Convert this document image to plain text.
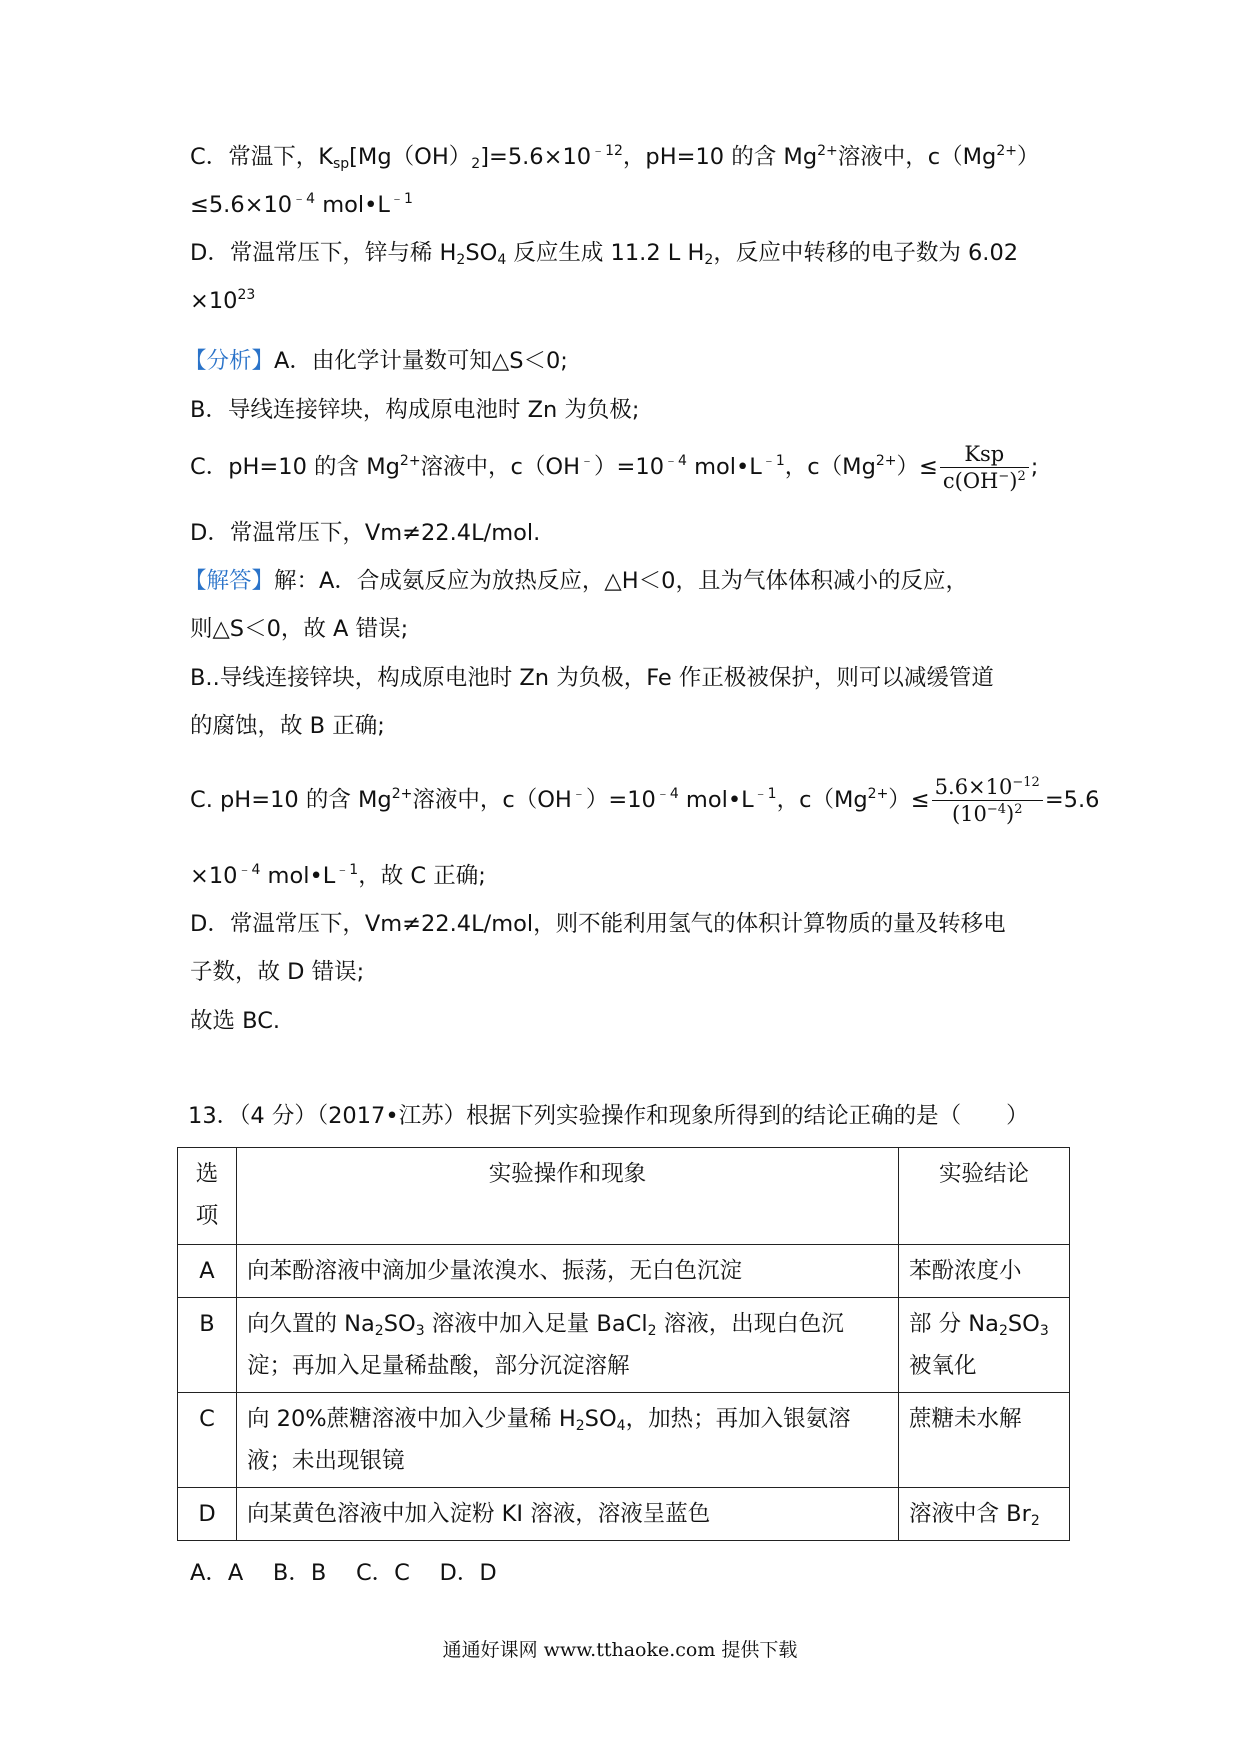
C．常温下，$K_{sp}[Mg(OH)_2]=5.6\times 10^{﹣12}$，pH=10 的含 $Mg^{2+}$溶液中，$c(Mg^{2+})$
$\le 5.6\times 10^{﹣4}$ $mol•L^{﹣1}$
D．常温常压下，锌与稀 $H_2SO_4$ 反应生成 11.2 L $H_2$，反应中转移的电子数为 6.02
$\times 10^{23}$
【分析】A．由化学计量数可知△S＜0;
B．导线连接锌块，构成原电池时 Zn 为负极;
C．pH=10 的含 $Mg^{2+}$溶液中，$c(OH^﹣)=10^{﹣4}$ $mol•L^{﹣1}$，$c(Mg^{2+})\le \frac{\text{Ksp}}{c(OH^-)^2}$ ;
D．常温常压下，Vm≠22.4L/mol.
【解答】解：A．合成氨反应为放热反应，△H＜0，且为气体体积减小的反应，
则△S＜0，故 A 错误;
B..导线连接锌块，构成原电池时 Zn 为负极，Fe 作正极被保护，则可以减缓管道
的腐蚀，故 B 正确;
C. pH=10 的含 $Mg^{2+}$溶液中，$c(OH^﹣)=10^{﹣4}$ $mol•L^{﹣1}$，$c(Mg^{2+})\le \frac{5.6\times 10^{-12}}{(10^{-4})^2} =5.6$
$\times 10^{﹣4}$ $mol•L^{﹣1}$，故 C 正确;
D．常温常压下，Vm≠22.4L/mol，则不能利用氢气的体积计算物质的量及转移电
子数，故 D 错误;
故选 BC.
13．（4 分）（2017•江苏）根据下列实验操作和现象所得到的结论正确的是（　　）
选
项	实验操作和现象	实验结论
A	向苯酚溶液中滴加少量浓溴水、振荡，无白色沉淀	苯酚浓度小
B	向久置的 $Na_2SO_3$ 溶液中加入足量 BaCl$_2$ 溶液，出现白色沉淀；再加入足量稀盐酸，部分沉淀溶解	部 分 $Na_2SO_3$
被氧化
C	向 20%蔗糖溶液中加入少量稀 $H_2SO_4$，加热；再加入银氨溶液；未出现银镜	蔗糖未水解
D	向某黄色溶液中加入淀粉 KI 溶液，溶液呈蓝色	溶液中含 $Br_2$
A．A　 B．B　 C．C　 D．D
通通好课网 www.tthaoke.com 提供下载
